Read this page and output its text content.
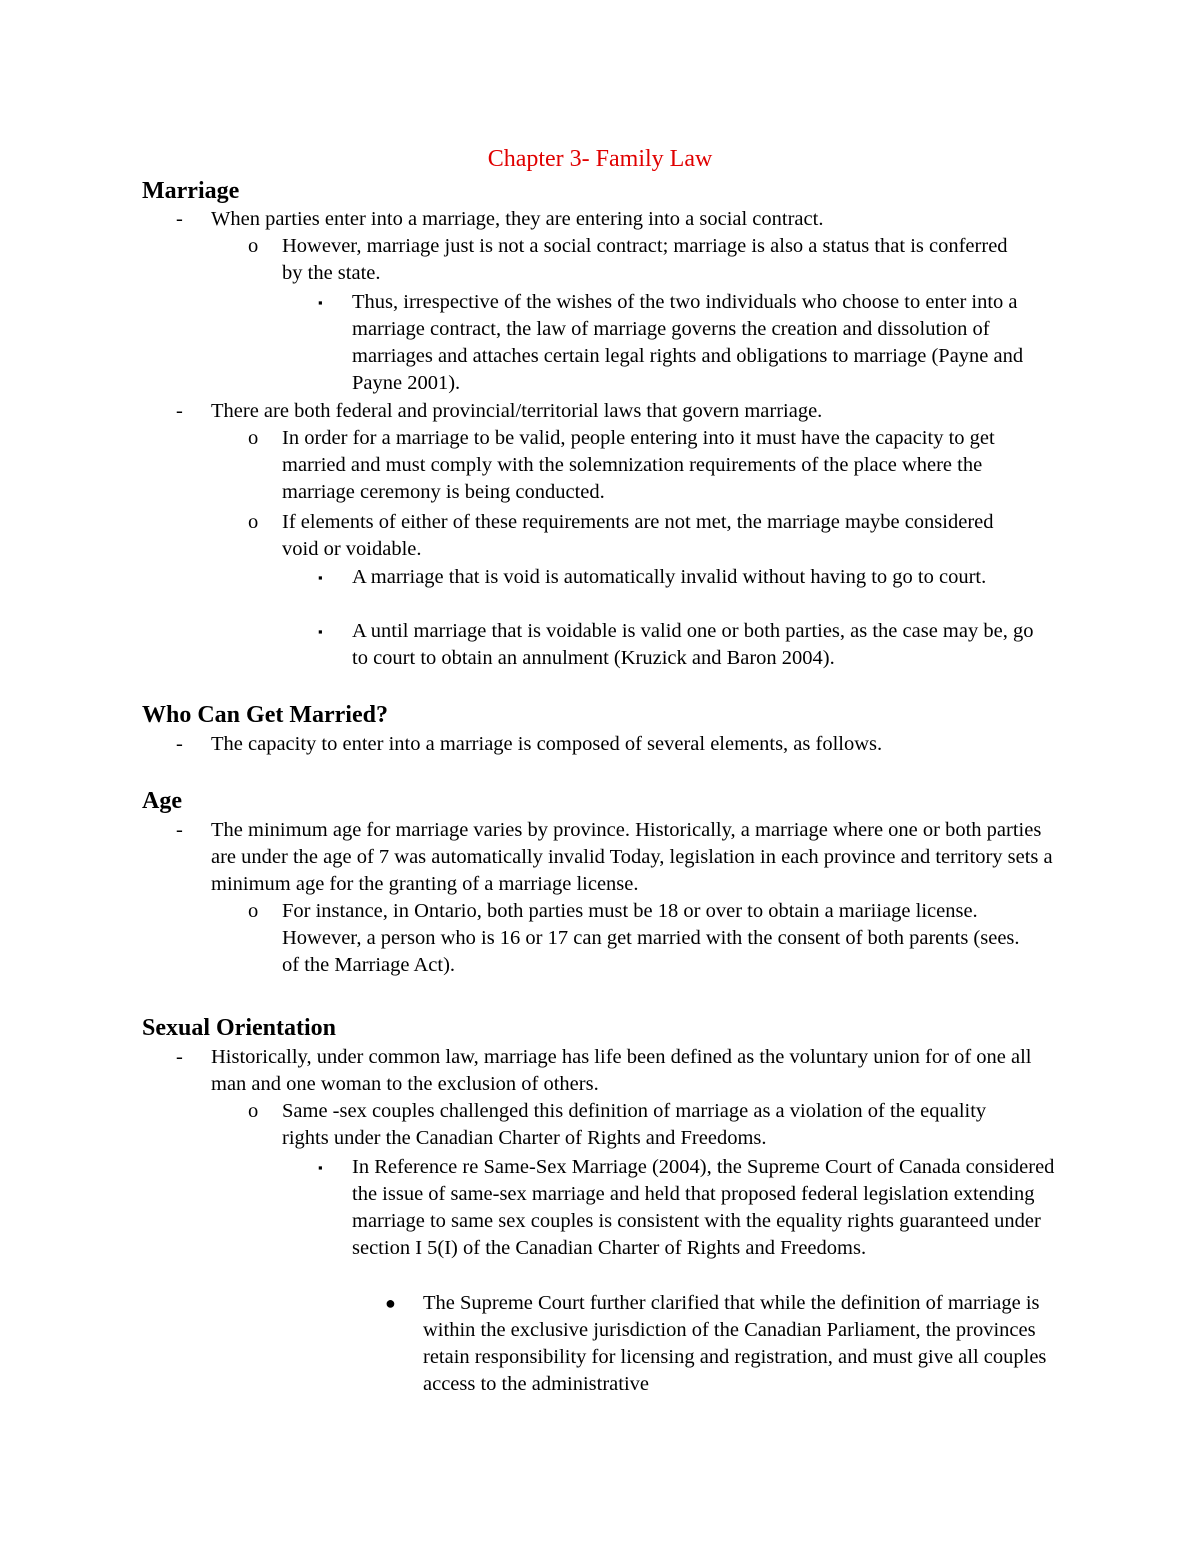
Chapter 3- Family Law
Marriage
-	When parties enter into a marriage, they are entering into a social contract.
o	However, marriage just is not a social contract; marriage is also a status that is conferred by the state.
▪	Thus, irrespective of the wishes of the two individuals who choose to enter into a marriage contract, the law of marriage governs the creation and dissolution of marriages and attaches certain legal rights and obligations to marriage (Payne and Payne 2001).
-	There are both federal and provincial/territorial laws that govern marriage.
o	In order for a marriage to be valid, people entering into it must have the capacity to get married and must comply with the solemnization requirements of the place where the marriage ceremony is being conducted.
o	If elements of either of these requirements are not met, the marriage maybe considered void or voidable.
▪	A marriage that is void is automatically invalid without having to go to court.
▪	A until marriage that is voidable is valid one or both parties, as the case may be, go to court to obtain an annulment (Kruzick and Baron 2004).
Who Can Get Married?
-	The capacity to enter into a marriage is composed of several elements, as follows.
Age
-	The minimum age for marriage varies by province. Historically, a marriage where one or both parties are under the age of 7 was automatically invalid Today, legislation in each province and territory sets a minimum age for the granting of a marriage license.
o	For instance, in Ontario, both parties must be 18 or over to obtain a mariiage license. However, a person who is 16 or 17 can get married with the consent of both parents (sees. of the Marriage Act).
Sexual Orientation
-	Historically, under common law, marriage has life been defined as the voluntary union for of one all man and one woman to the exclusion of others.
o	Same -sex couples challenged this definition of marriage as a violation of the equality rights under the Canadian Charter of Rights and Freedoms.
▪	In Reference re Same-Sex Marriage (2004), the Supreme Court of Canada considered the issue of same-sex marriage and held that proposed federal legislation extending marriage to same sex couples is consistent with the equality rights guaranteed under section I 5(I) of the Canadian Charter of Rights and Freedoms.
●	The Supreme Court further clarified that while the definition of marriage is within the exclusive jurisdiction of the Canadian Parliament, the provinces retain responsibility for licensing and registration, and must give all couples access to the administrative
